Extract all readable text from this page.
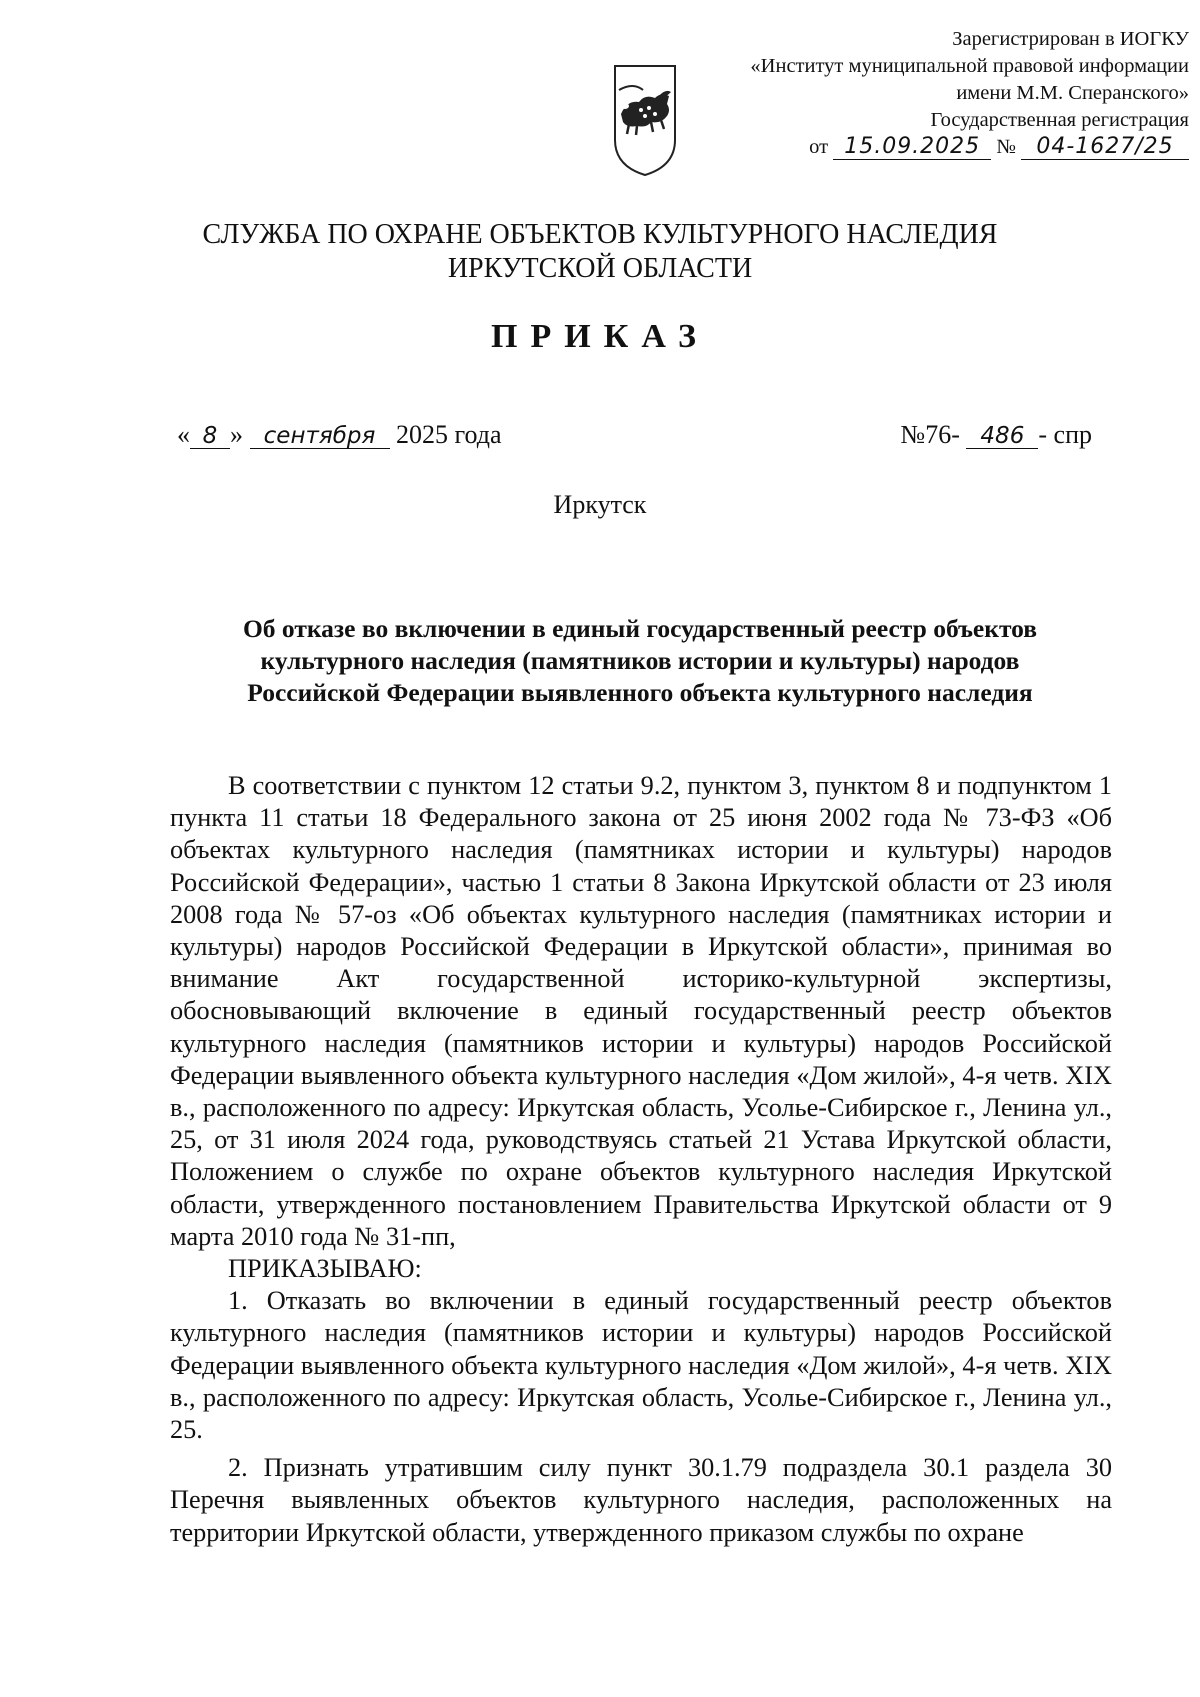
Зарегистрирован в ИОГКУ
«Институт муниципальной правовой информации
имени М.М. Сперанского»
Государственная регистрация
от 15.09.2025 № 04-1627/25
СЛУЖБА ПО ОХРАНЕ ОБЪЕКТОВ КУЛЬТУРНОГО НАСЛЕДИЯ
ИРКУТСКОЙ ОБЛАСТИ
ПРИКАЗ
« 8 » сентября 2025 года	№76- 486 - спр
Иркутск
Об отказе во включении в единый государственный реестр объектов
культурного наследия (памятников истории и культуры) народов
Российской Федерации выявленного объекта культурного наследия

В соответствии с пунктом 12 статьи 9.2, пунктом 3, пунктом 8 и подпунктом 1 пункта 11 статьи 18 Федерального закона от 25 июня 2002 года № 73-ФЗ «Об объектах культурного наследия (памятниках истории и культуры) народов Российской Федерации», частью 1 статьи 8 Закона Иркутской области от 23 июля 2008 года № 57-оз «Об объектах культурного наследия (памятниках истории и культуры) народов Российской Федерации в Иркутской области», принимая во внимание Акт государственной историко-культурной экспертизы, обосновывающий включение в единый государственный реестр объектов культурного наследия (памятников истории и культуры) народов Российской Федерации выявленного объекта культурного наследия «Дом жилой», 4-я четв. XIX в., расположенного по адресу: Иркутская область, Усолье-Сибирское г., Ленина ул., 25, от 31 июля 2024 года, руководствуясь статьей 21 Устава Иркутской области, Положением о службе по охране объектов культурного наследия Иркутской области, утвержденного постановлением Правительства Иркутской области от 9 марта 2010 года № 31-пп,

ПРИКАЗЫВАЮ:

1. Отказать во включении в единый государственный реестр объектов культурного наследия (памятников истории и культуры) народов Российской Федерации выявленного объекта культурного наследия «Дом жилой», 4-я четв. XIX в., расположенного по адресу: Иркутская область, Усолье-Сибирское г., Ленина ул., 25.

2. Признать утратившим силу пункт 30.1.79 подраздела 30.1 раздела 30 Перечня выявленных объектов культурного наследия, расположенных на территории Иркутской области, утвержденного приказом службы по охране
